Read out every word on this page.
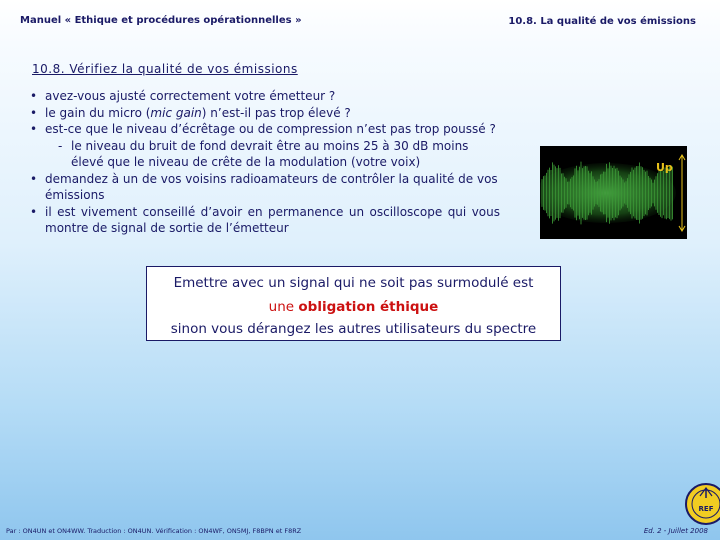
Manuel « Ethique et procédures opérationnelles »	10.8. La qualité de vos émissions
10.8. Vérifiez la qualité de vos émissions
• avez-vous ajusté correctement votre émetteur ?
• le gain du micro (mic gain) n’est-il pas trop élevé ?
• est-ce que le niveau d’écrêtage ou de compression n’est pas trop poussé ?
- le niveau du bruit de fond devrait être au moins 25 à 30 dB moins élevé que le niveau de crête de la modulation (votre voix)
• demandez à un de vos voisins radioamateurs de contrôler la qualité de vos émissions
• il est vivement conseillé d’avoir en permanence un oscilloscope qui vous montre de signal de sortie de l’émetteur
Up
Emettre avec un signal qui ne soit pas surmodulé est
une obligation éthique
sinon vous dérangez les autres utilisateurs du spectre
Par : ON4UN et ON4WW. Traduction : ON4UN. Vérification : ON4WF, ON5MJ, F8BPN et F8RZ	Ed. 2 - Juillet 2008
REF
